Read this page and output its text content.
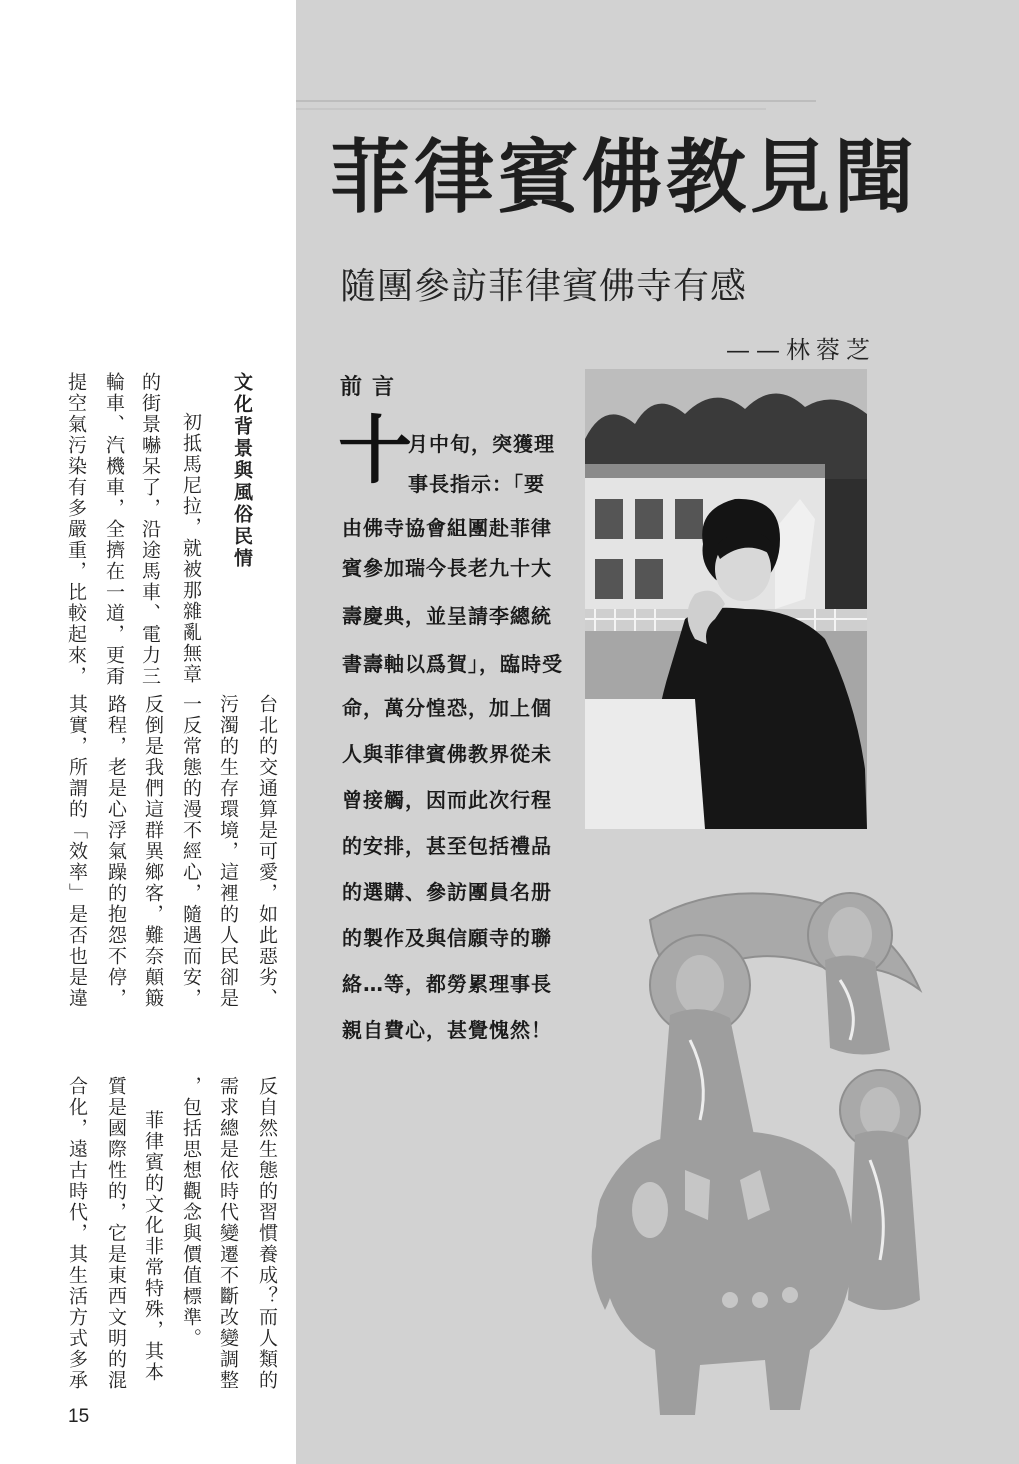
菲律賓佛教見聞
隨團參訪菲律賓佛寺有感
——林蓉芝
前言
十
月中旬，突獲理
事長指示：「要
由佛寺協會組團赴菲律
賓參加瑞今長老九十大
壽慶典，並呈請李總統
書壽軸以爲賀」，臨時受
命，萬分惶恐，加上個
人與菲律賓佛教界從未
曾接觸，因而此次行程
的安排，甚至包括禮品
的選購、參訪團員名册
的製作及與信願寺的聯
絡…等，都勞累理事長
親自費心，甚覺愧然！
文化背景與風俗民情
初抵馬尼拉，就被那雜亂無章
的街景嚇呆了，沿途馬車、電力三
輪車、汽機車，全擠在一道，更甭
提空氣污染有多嚴重，比較起來，
台北的交通算是可愛，如此惡劣、
污濁的生存環境，這裡的人民卻是
一反常態的漫不經心，隨遇而安，
反倒是我們這群異鄉客，難奈顛簸
路程，老是心浮氣躁的抱怨不停，
其實，所謂的「效率」是否也是違
反自然生態的習慣養成？而人類的
需求總是依時代變遷不斷改變調整
，包括思想觀念與價值標準。
菲律賓的文化非常特殊，其本
質是國際性的，它是東西文明的混
合化，遠古時代，其生活方式多承
15
